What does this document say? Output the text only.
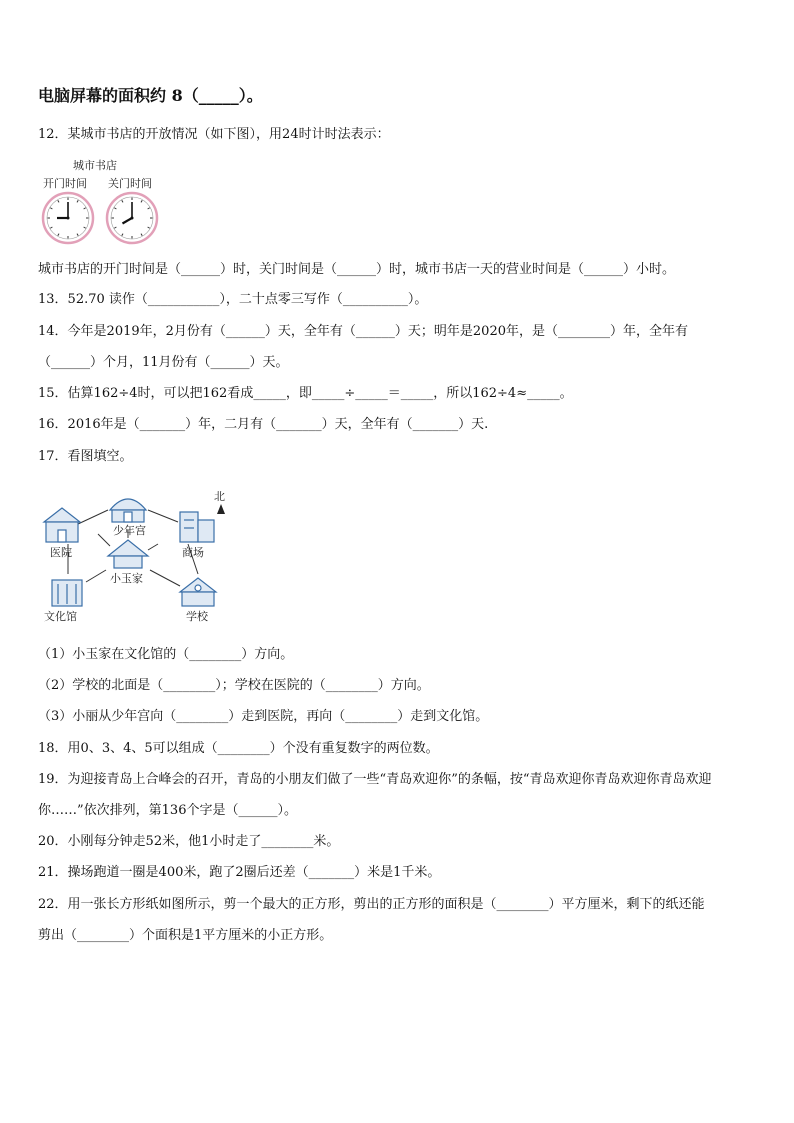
电脑屏幕的面积约 8（_____）。
12．某城市书店的开放情况（如下图），用24时计时法表示：
城市书店
开门时间 关门时间
城市书店的开门时间是（______）时，关门时间是（______）时，城市书店一天的营业时间是（______）小时。
13．52.70 读作（___________），二十点零三写作（__________）。
14．今年是2019年，2月份有（______）天，全年有（______）天；明年是2020年，是（________）年，全年有
（______）个月，11月份有（______）天。
15．估算162÷4时，可以把162看成_____，即_____÷_____＝_____，所以162÷4≈_____。
16．2016年是（_______）年，二月有（_______）天，全年有（_______）天.
17．看图填空。
北
少年宫
医院	商场
小玉家
文化馆	学校
（1）小玉家在文化馆的（________）方向。
（2）学校的北面是（________）；学校在医院的（________）方向。
（3）小丽从少年宫向（________）走到医院，再向（________）走到文化馆。
18．用0、3、4、5可以组成（________）个没有重复数字的两位数。
19．为迎接青岛上合峰会的召开，青岛的小朋友们做了一些“青岛欢迎你”的条幅，按“青岛欢迎你青岛欢迎你青岛欢迎
你……”依次排列，第136个字是（______）。
20．小刚每分钟走52米，他1小时走了________米。
21．操场跑道一圈是400米，跑了2圈后还差（_______）米是1千米。
22．用一张长方形纸如图所示，剪一个最大的正方形，剪出的正方形的面积是（________）平方厘米，剩下的纸还能
剪出（________）个面积是1平方厘米的小正方形。
